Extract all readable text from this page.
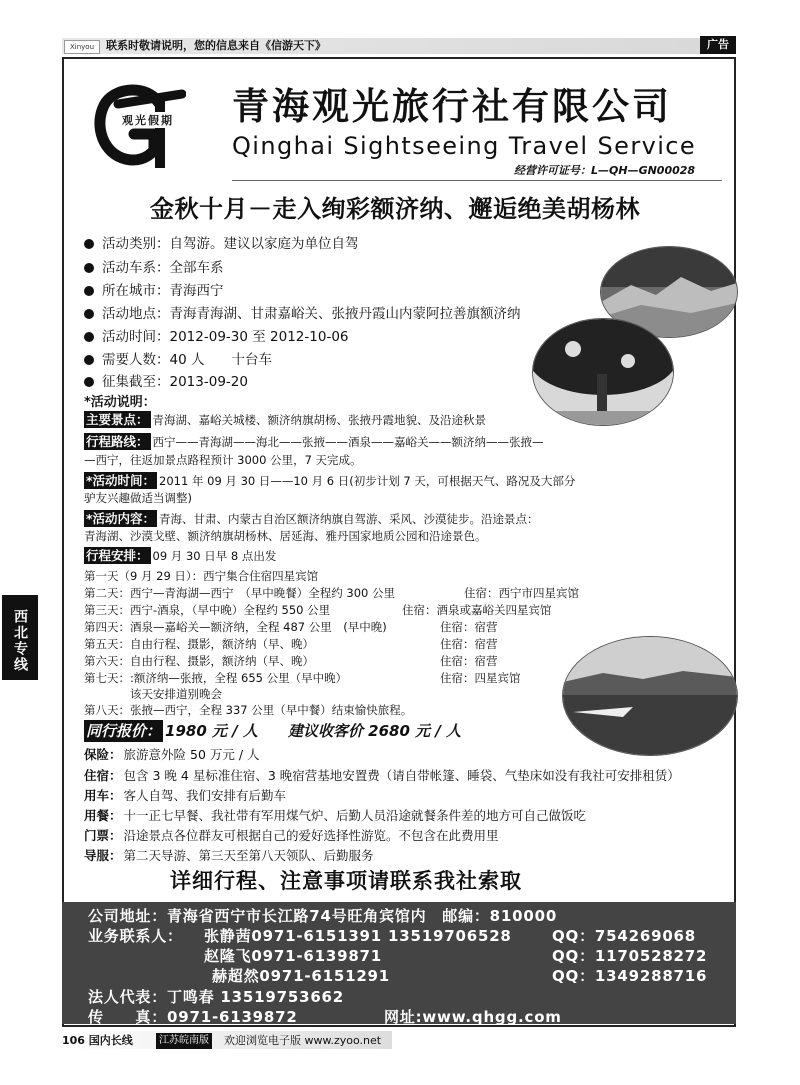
Xinyou	联系时敬请说明，您的信息来自《信游天下》	广告
观光假期 青海观光旅行社有限公司
Qinghai Sightseeing Travel Service
经营许可证号：L—QH—GN00028
西北专线
金秋十月－走入绚彩额济纳、邂逅绝美胡杨林
活动类别：自驾游。建议以家庭为单位自驾
活动车系：全部车系
所在城市：青海西宁
活动地点：青海青海湖、甘肃嘉峪关、张掖丹霞山内蒙阿拉善旗额济纳
活动时间：2012-09-30 至 2012-10-06
需要人数：40 人　　十台车
征集截至：2013-09-20
*活动说明：
主要景点： 青海湖、嘉峪关城楼、额济纳旗胡杨、张掖丹霞地貌、及沿途秋景
行程路线： 西宁——青海湖——海北——张掖——酒泉——嘉峪关——额济纳——张掖—
—西宁，往返加景点路程预计 3000 公里，7 天完成。
*活动时间： 2011 年 09 月 30 日——10 月 6 日(初步计划 7 天，可根据天气、路况及大部分
驴友兴趣做适当调整)
*活动内容： 青海、甘肃、内蒙古自治区额济纳旗自驾游、采风、沙漠徒步。沿途景点：
青海湖、沙漠戈壁、额济纳旗胡杨林、居延海、雅丹国家地质公园和沿途景色。
行程安排： 09 月 30 日早 8 点出发
第一天（9 月 29 日）：西宁集合住宿四星宾馆
第二天：西宁—青海湖—西宁　（早中晚餐）全程约 300 公里	住宿：西宁市四星宾馆
第三天：西宁-酒泉，（早中晚）全程约 550 公里	住宿：酒泉或嘉峪关四星宾馆
第四天：酒泉—嘉峪关—额济纳，全程 487 公里　(早中晚)	住宿：宿营
第五天：自由行程、摄影，额济纳（早、晚）	住宿：宿营
第六天：自由行程、摄影，额济纳（早、晚）	住宿：宿营
第七天：:额济纳—张掖，全程 655 公里（早中晚）	住宿：四星宾馆
　　　　该天安排道别晚会
第八天：张掖—西宁，全程 337 公里（早中餐）结束愉快旅程。
同行报价： 1980 元 / 人　　 建议收客价 2680 元 / 人
保险： 旅游意外险 50 万元 / 人
住宿： 包含 3 晚 4 星标准住宿、3 晚宿营基地安置费（请自带帐篷、睡袋、气垫床如没有我社可安排租赁）
用车： 客人自驾、我们安排有后勤车
用餐： 十一正七早餐、我社带有军用煤气炉、后勤人员沿途就餐条件差的地方可自己做饭吃
门票： 沿途景点各位群友可根据自己的爱好选择性游览。不包含在此费用里
导服： 第二天导游、第三天至第八天领队、后勤服务
详细行程、注意事项请联系我社索取
公司地址：青海省西宁市长江路74号旺角宾馆内　邮编：810000
业务联系人： 张静茜0971-6151391 13519706528	QQ：754269068
赵隆飞0971-6139871	QQ：1170528272
赫超然0971-6151291	QQ：1349288716
法人代表：丁鸣春 13519753662
传　　真：0971-6139872	网址:www.qhgg.com
106 国内长线	江苏皖南版 欢迎浏览电子版 www.zyoo.net
